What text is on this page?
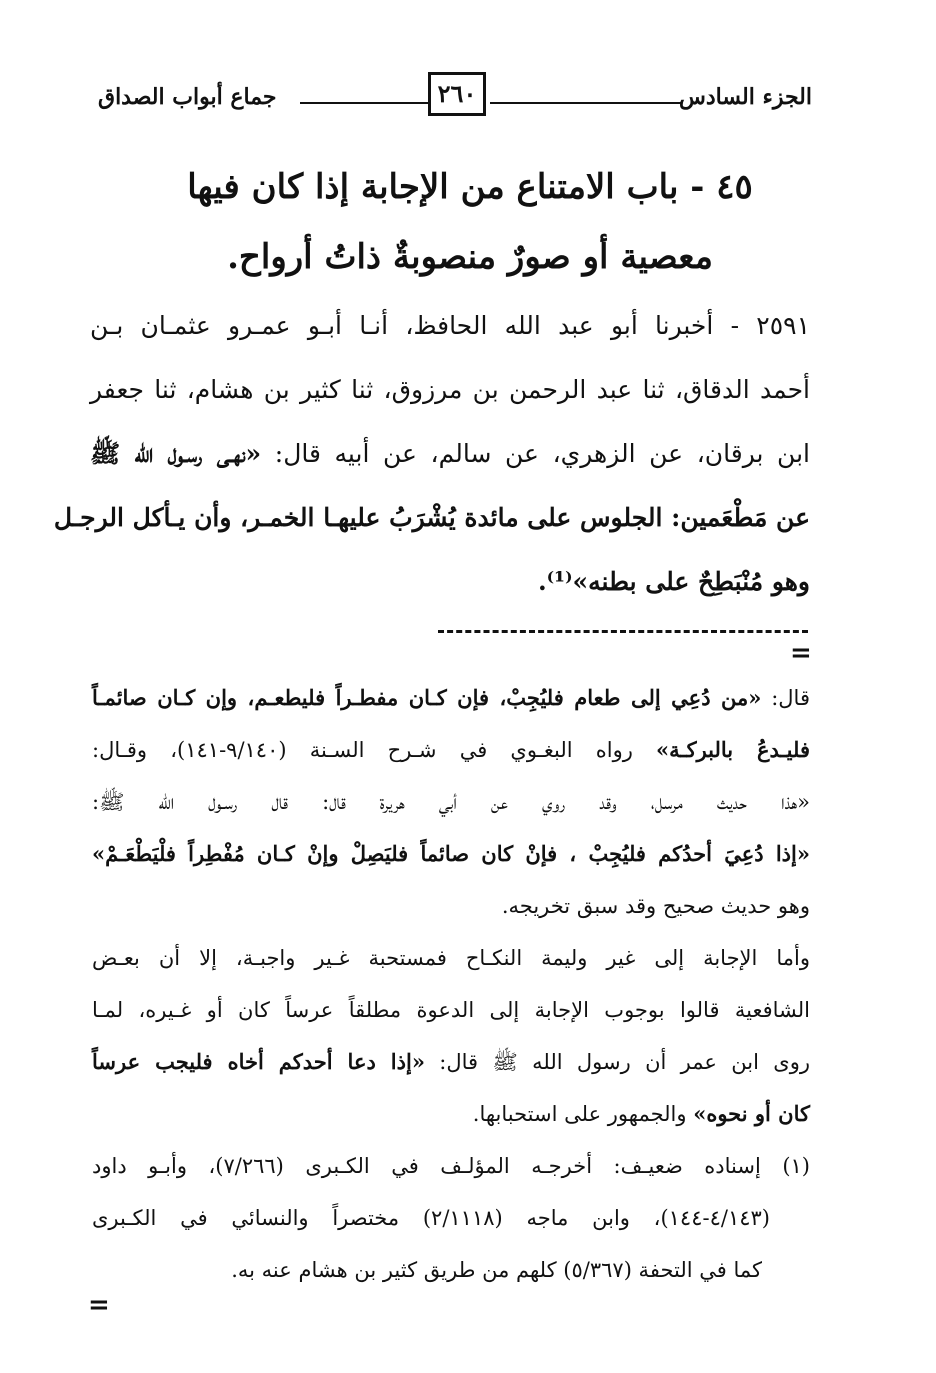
الجزء السادس
٢٦٠
جماع أبواب الصداق
٤٥ - باب الامتناع من الإجابة إذا كان فيها
معصية أو صورٌ منصوبةٌ ذاتُ أرواح.
٢٥٩١ - أخبرنا أبو عبد الله الحافظ، أنـا أبـو عمـرو عثمـان بـن
أحمد الدقاق، ثنا عبد الرحمن بن مرزوق، ثنا كثير بن هشام، ثنا جعفر
ابن برقان، عن الزهري، عن سالم، عن أبيه قال: «نهـى رسـول الله ﷺ
عن مَطْعَمين: الجلوس على مائدة يُشْرَبُ عليهـا الخمـر، وأن يـأكل الرجـل
وهو مُنْبَطِحٌ على بطنه»⁽¹⁾.
=
قال: «من دُعِي إلى طعام فليُجِبْ، فإن كـان مفطـراً فليطعـم، وإن كـان صائمـاً
فليـدعُ بالبركـة» رواه البغـوي في شـرح السـنة (٩/١٤٠-١٤١)، وقـال:
«هذا حديث مرسل، وقد روي عن أبي هريرة قال: قال رسـول الله ﷺ:
«إذا دُعِيَ أحدُكم فليُجِبْ ، فإنْ كان صائماً فليَصِلْ وإنْ كـان مُفْطِراً فلْيَطْعَـمْ»
وهو حديث صحيح وقد سبق تخريجه.
وأما الإجابة إلى غير وليمة النكـاح فمستحبة غـير واجبـة، إلا أن بعـض
الشافعية قالوا بوجوب الإجابة إلى الدعوة مطلقاً عرساً كان أو غـيره، لمـا
روى ابن عمر أن رسول الله ﷺ قال: «إذا دعا أحدكم أخاه فليجب عرساً
كان أو نحوه» والجمهور على استحبابها.
(١) إسناده ضعيـف: أخرجـه المؤلـف في الكـبرى (٧/٢٦٦)، وأبـو داود
(٤/١٤٣-١٤٤)، وابن ماجه (٢/١١١٨) مختصراً والنسائي في الكـبرى
كما في التحفة (٥/٣٦٧) كلهم من طريق كثير بن هشام عنه به.
=
